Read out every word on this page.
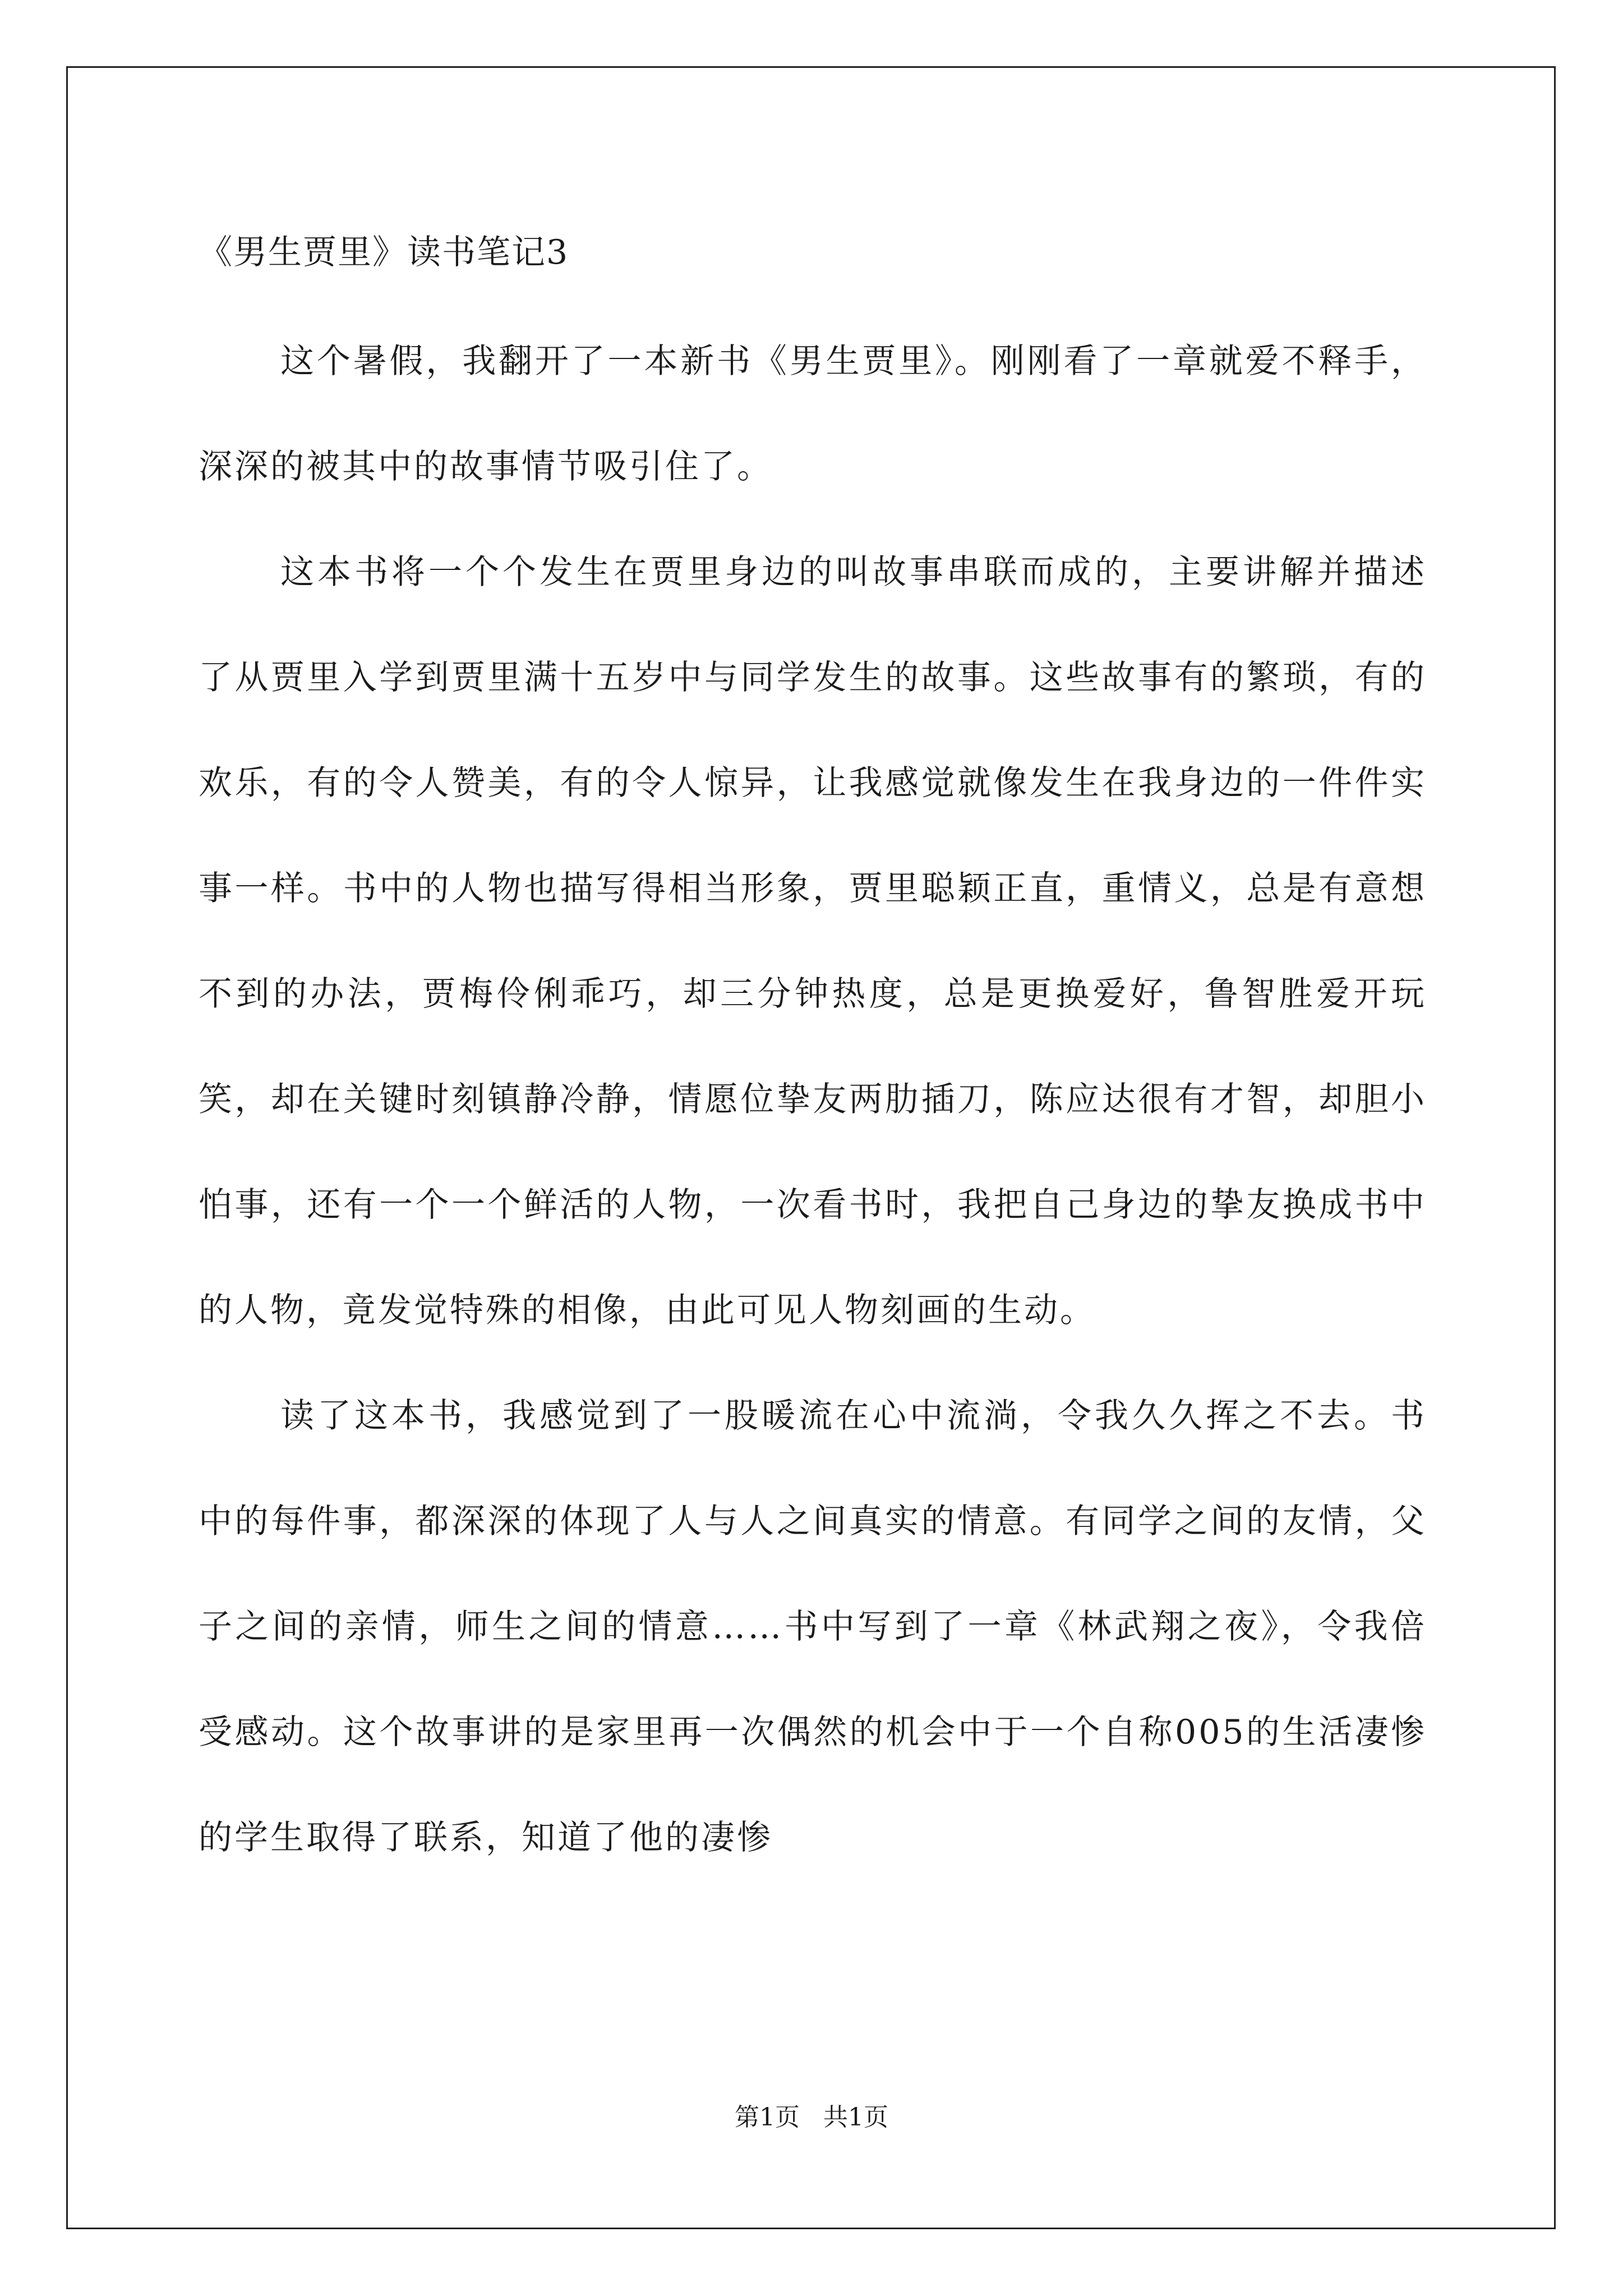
《男生贾里》读书笔记3

这个暑假，我翻开了一本新书《男生贾里》。刚刚看了一章就爱不释手，深深的被其中的故事情节吸引住了。

这本书将一个个发生在贾里身边的叫故事串联而成的，主要讲解并描述了从贾里入学到贾里满十五岁中与同学发生的故事。这些故事有的繁琐，有的欢乐，有的令人赞美，有的令人惊异，让我感觉就像发生在我身边的一件件实事一样。书中的人物也描写得相当形象，贾里聪颖正直，重情义，总是有意想不到的办法，贾梅伶俐乖巧，却三分钟热度，总是更换爱好，鲁智胜爱开玩笑，却在关键时刻镇静冷静，情愿位挚友两肋插刀，陈应达很有才智，却胆小怕事，还有一个一个鲜活的人物，一次看书时，我把自己身边的挚友换成书中的人物，竟发觉特殊的相像，由此可见人物刻画的生动。

读了这本书，我感觉到了一股暖流在心中流淌，令我久久挥之不去。书中的每件事，都深深的体现了人与人之间真实的情意。有同学之间的友情，父子之间的亲情，师生之间的情意……书中写到了一章《林武翔之夜》，令我倍受感动。这个故事讲的是家里再一次偶然的机会中于一个自称005的生活凄惨的学生取得了联系，知道了他的凄惨

第1页 共1页
